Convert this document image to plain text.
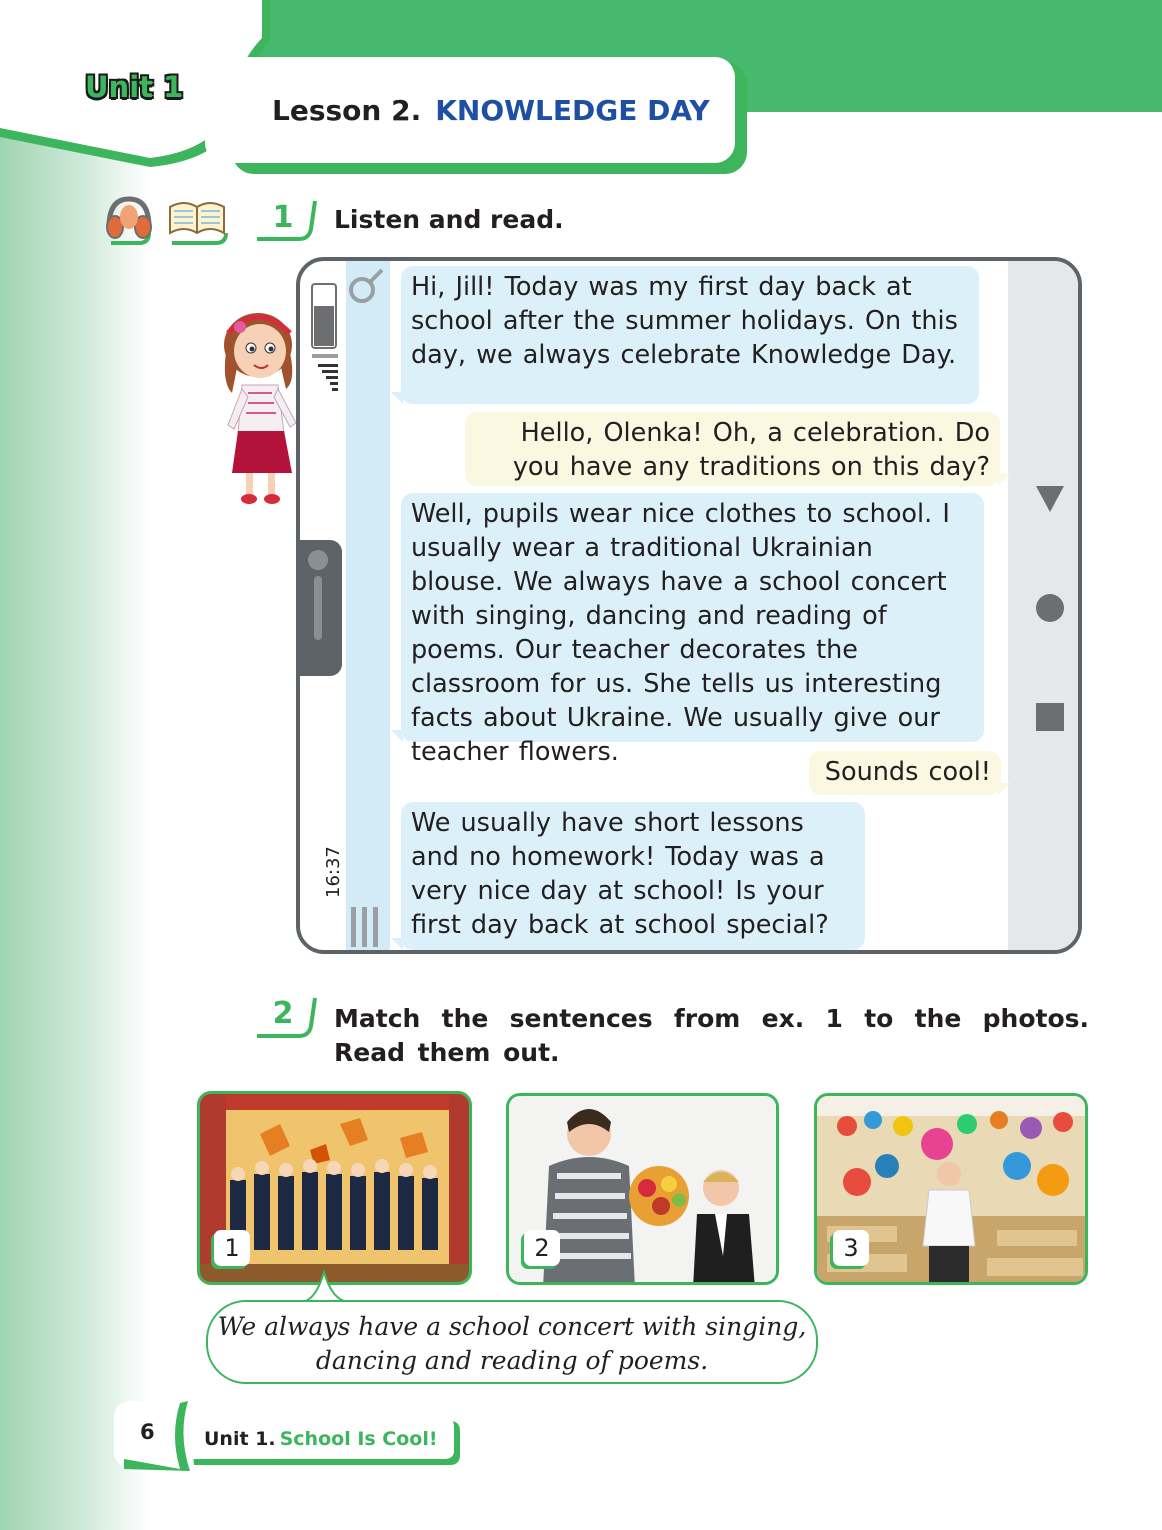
Unit 1
Lesson 2. KNOWLEDGE DAY
1	Listen and read.
16:37
Hi, Jill! Today was my first day back at school after the summer holidays. On this day, we always celebrate Knowledge Day.
Hello, Olenka! Oh, a celebration. Do you have any traditions on this day?
Well, pupils wear nice clothes to school. I usually wear a traditional Ukrainian blouse. We always have a school concert with singing, dancing and reading of poems. Our teacher decorates the classroom for us. She tells us interesting facts about Ukraine. We usually give our teacher flowers.
Sounds cool!
We usually have short lessons and no homework! Today was a very nice day at school! Is your first day back at school special?
2	Match the sentences from ex. 1 to the photos. Read them out.
1	2	3
We always have a school concert with singing, dancing and reading of poems.
6	Unit 1. School Is Cool!
